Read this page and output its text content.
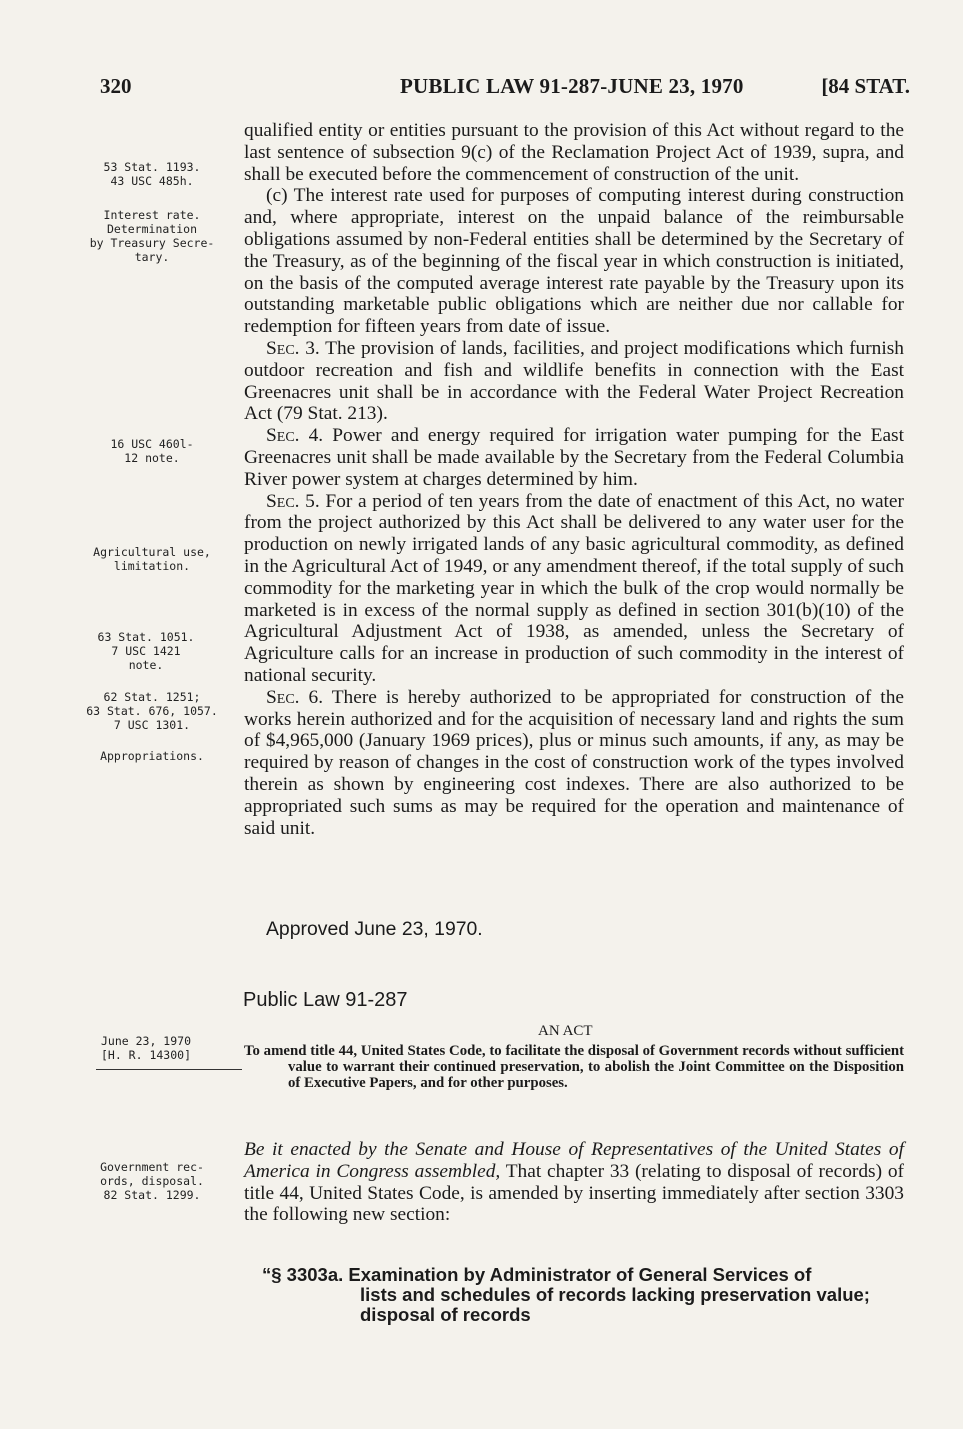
320	PUBLIC LAW 91-287-JUNE 23, 1970	[84 STAT.
53 Stat. 1193.
43 USC 485h.
Interest rate.
Determination
by Treasury Secre-
tary.
16 USC 460l-
12 note.
Agricultural use,
limitation.
63 Stat. 1051.
7 USC 1421
note.
62 Stat. 1251;
63 Stat. 676, 1057.
7 USC 1301.
Appropriations.
June 23, 1970
[H. R. 14300]
Government rec-
ords, disposal.
82 Stat. 1299.

qualified entity or entities pursuant to the provision of this Act without regard to the last sentence of subsection 9(c) of the Reclamation Project Act of 1939, supra, and shall be executed before the commencement of construction of the unit.

(c) The interest rate used for purposes of computing interest during construction and, where appropriate, interest on the unpaid balance of the reimbursable obligations assumed by non-Federal entities shall be determined by the Secretary of the Treasury, as of the beginning of the fiscal year in which construction is initiated, on the basis of the computed average interest rate payable by the Treasury upon its outstanding marketable public obligations which are neither due nor callable for redemption for fifteen years from date of issue.

Sec. 3. The provision of lands, facilities, and project modifications which furnish outdoor recreation and fish and wildlife benefits in connection with the East Greenacres unit shall be in accordance with the Federal Water Project Recreation Act (79 Stat. 213).

Sec. 4. Power and energy required for irrigation water pumping for the East Greenacres unit shall be made available by the Secretary from the Federal Columbia River power system at charges determined by him.

Sec. 5. For a period of ten years from the date of enactment of this Act, no water from the project authorized by this Act shall be delivered to any water user for the production on newly irrigated lands of any basic agricultural commodity, as defined in the Agricultural Act of 1949, or any amendment thereof, if the total supply of such commodity for the marketing year in which the bulk of the crop would normally be marketed is in excess of the normal supply as defined in section 301(b)(10) of the Agricultural Adjustment Act of 1938, as amended, unless the Secretary of Agriculture calls for an increase in production of such commodity in the interest of national security.

Sec. 6. There is hereby authorized to be appropriated for construction of the works herein authorized and for the acquisition of necessary land and rights the sum of $4,965,000 (January 1969 prices), plus or minus such amounts, if any, as may be required by reason of changes in the cost of construction work of the types involved therein as shown by engineering cost indexes. There are also authorized to be appropriated such sums as may be required for the operation and maintenance of said unit.

Approved June 23, 1970.
Public Law 91-287
AN ACT
To amend title 44, United States Code, to facilitate the disposal of Government records without sufficient value to warrant their continued preservation, to abolish the Joint Committee on the Disposition of Executive Papers, and for other purposes.
Be it enacted by the Senate and House of Representatives of the United States of America in Congress assembled, That chapter 33 (relating to disposal of records) of title 44, United States Code, is amended by inserting immediately after section 3303 the following new section:
“§ 3303a. Examination by Administrator of General Services of
lists and schedules of records lacking preservation value; disposal of records
